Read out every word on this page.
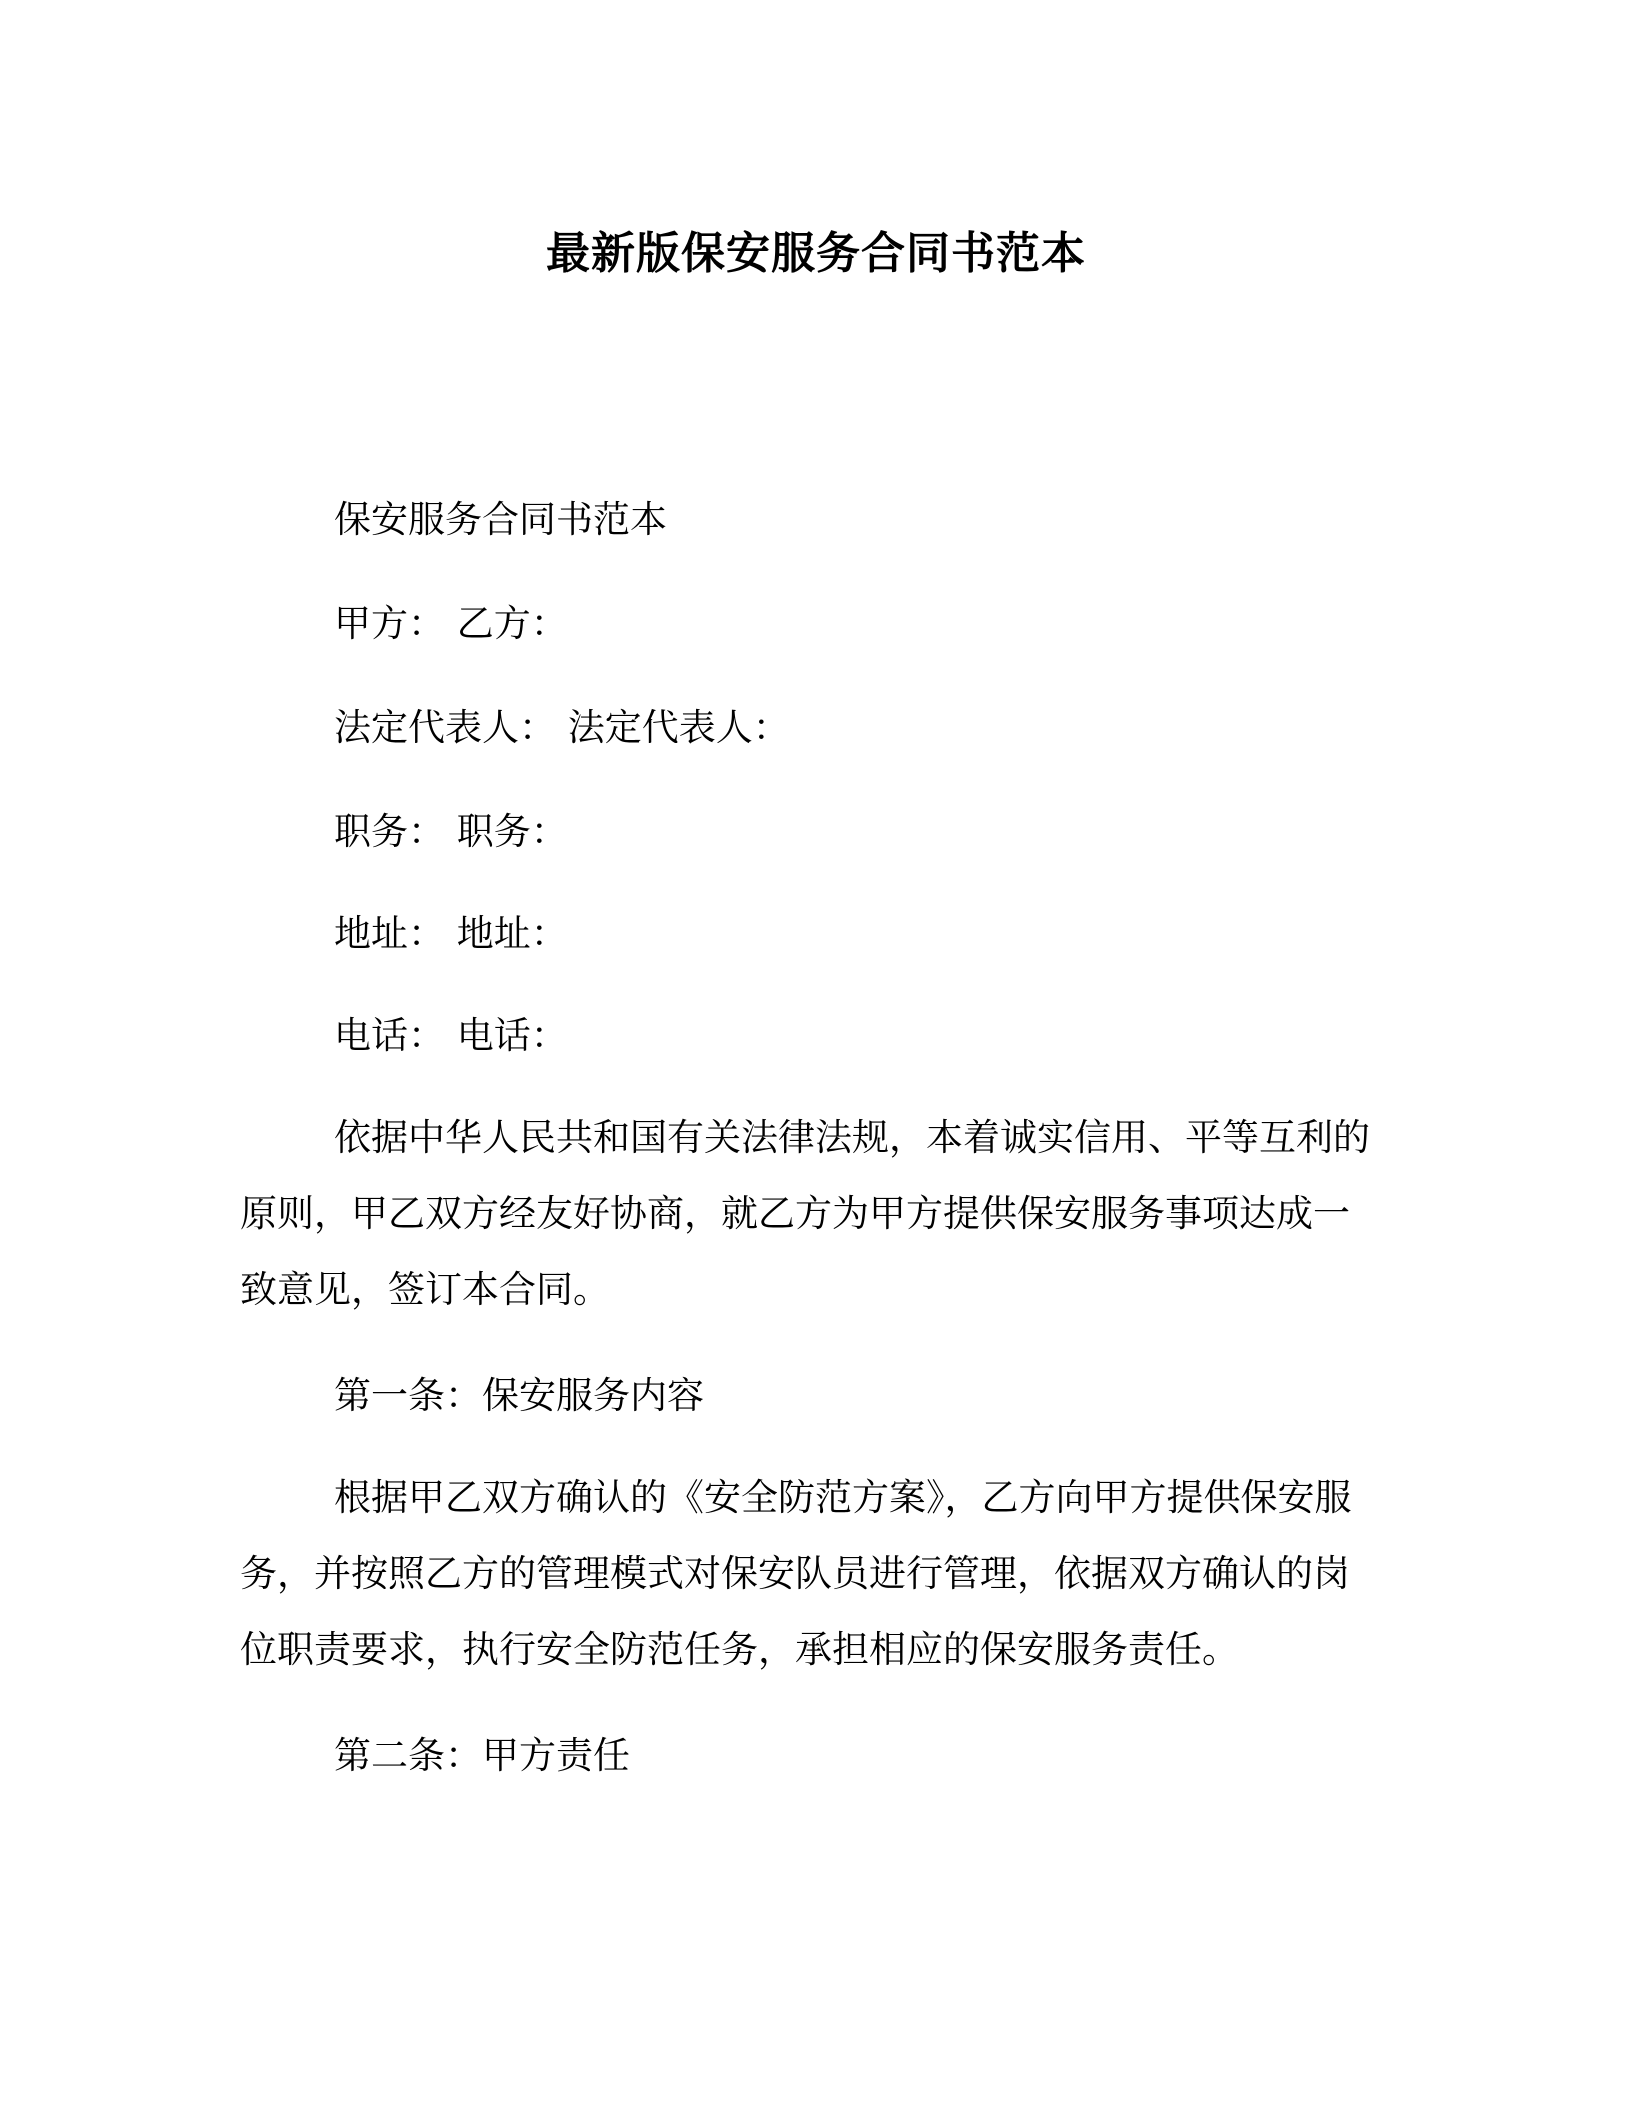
最新版保安服务合同书范本
保安服务合同书范本
甲方： 乙方：
法定代表人： 法定代表人：
职务： 职务：
地址： 地址：
电话： 电话：
依据中华人民共和国有关法律法规，本着诚实信用、平等互利的
原则，甲乙双方经友好协商，就乙方为甲方提供保安服务事项达成一
致意见，签订本合同。
第一条：保安服务内容
根据甲乙双方确认的《安全防范方案》，乙方向甲方提供保安服
务，并按照乙方的管理模式对保安队员进行管理，依据双方确认的岗
位职责要求，执行安全防范任务，承担相应的保安服务责任。
第二条：甲方责任
